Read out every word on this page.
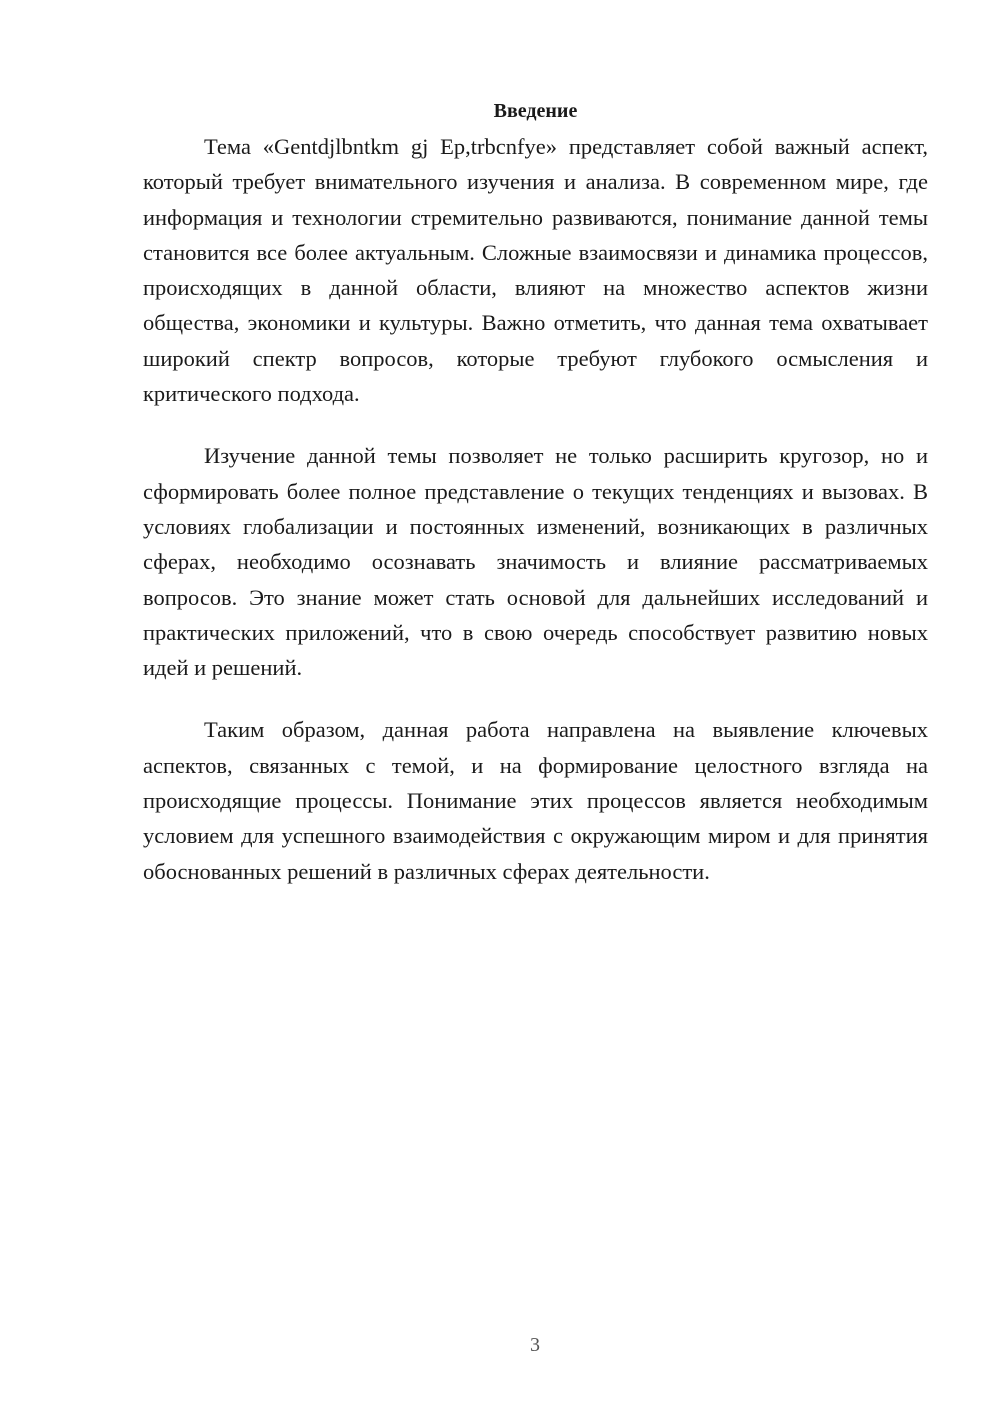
Введение

Тема «Gentdjlbntkm gj Ep,trbcnfye» представляет собой важный аспект, который требует внимательного изучения и анализа. В современном мире, где информация и технологии стремительно развиваются, понимание данной темы становится все более актуальным. Сложные взаимосвязи и динамика процессов, происходящих в данной области, влияют на множество аспектов жизни общества, экономики и культуры. Важно отметить, что данная тема охватывает широкий спектр вопросов, которые требуют глубокого осмысления и критического подхода.

Изучение данной темы позволяет не только расширить кругозор, но и сформировать более полное представление о текущих тенденциях и вызовах. В условиях глобализации и постоянных изменений, возникающих в различных сферах, необходимо осознавать значимость и влияние рассматриваемых вопросов. Это знание может стать основой для дальнейших исследований и практических приложений, что в свою очередь способствует развитию новых идей и решений.

Таким образом, данная работа направлена на выявление ключевых аспектов, связанных с темой, и на формирование целостного взгляда на происходящие процессы. Понимание этих процессов является необходимым условием для успешного взаимодействия с окружающим миром и для принятия обоснованных решений в различных сферах деятельности.

3
